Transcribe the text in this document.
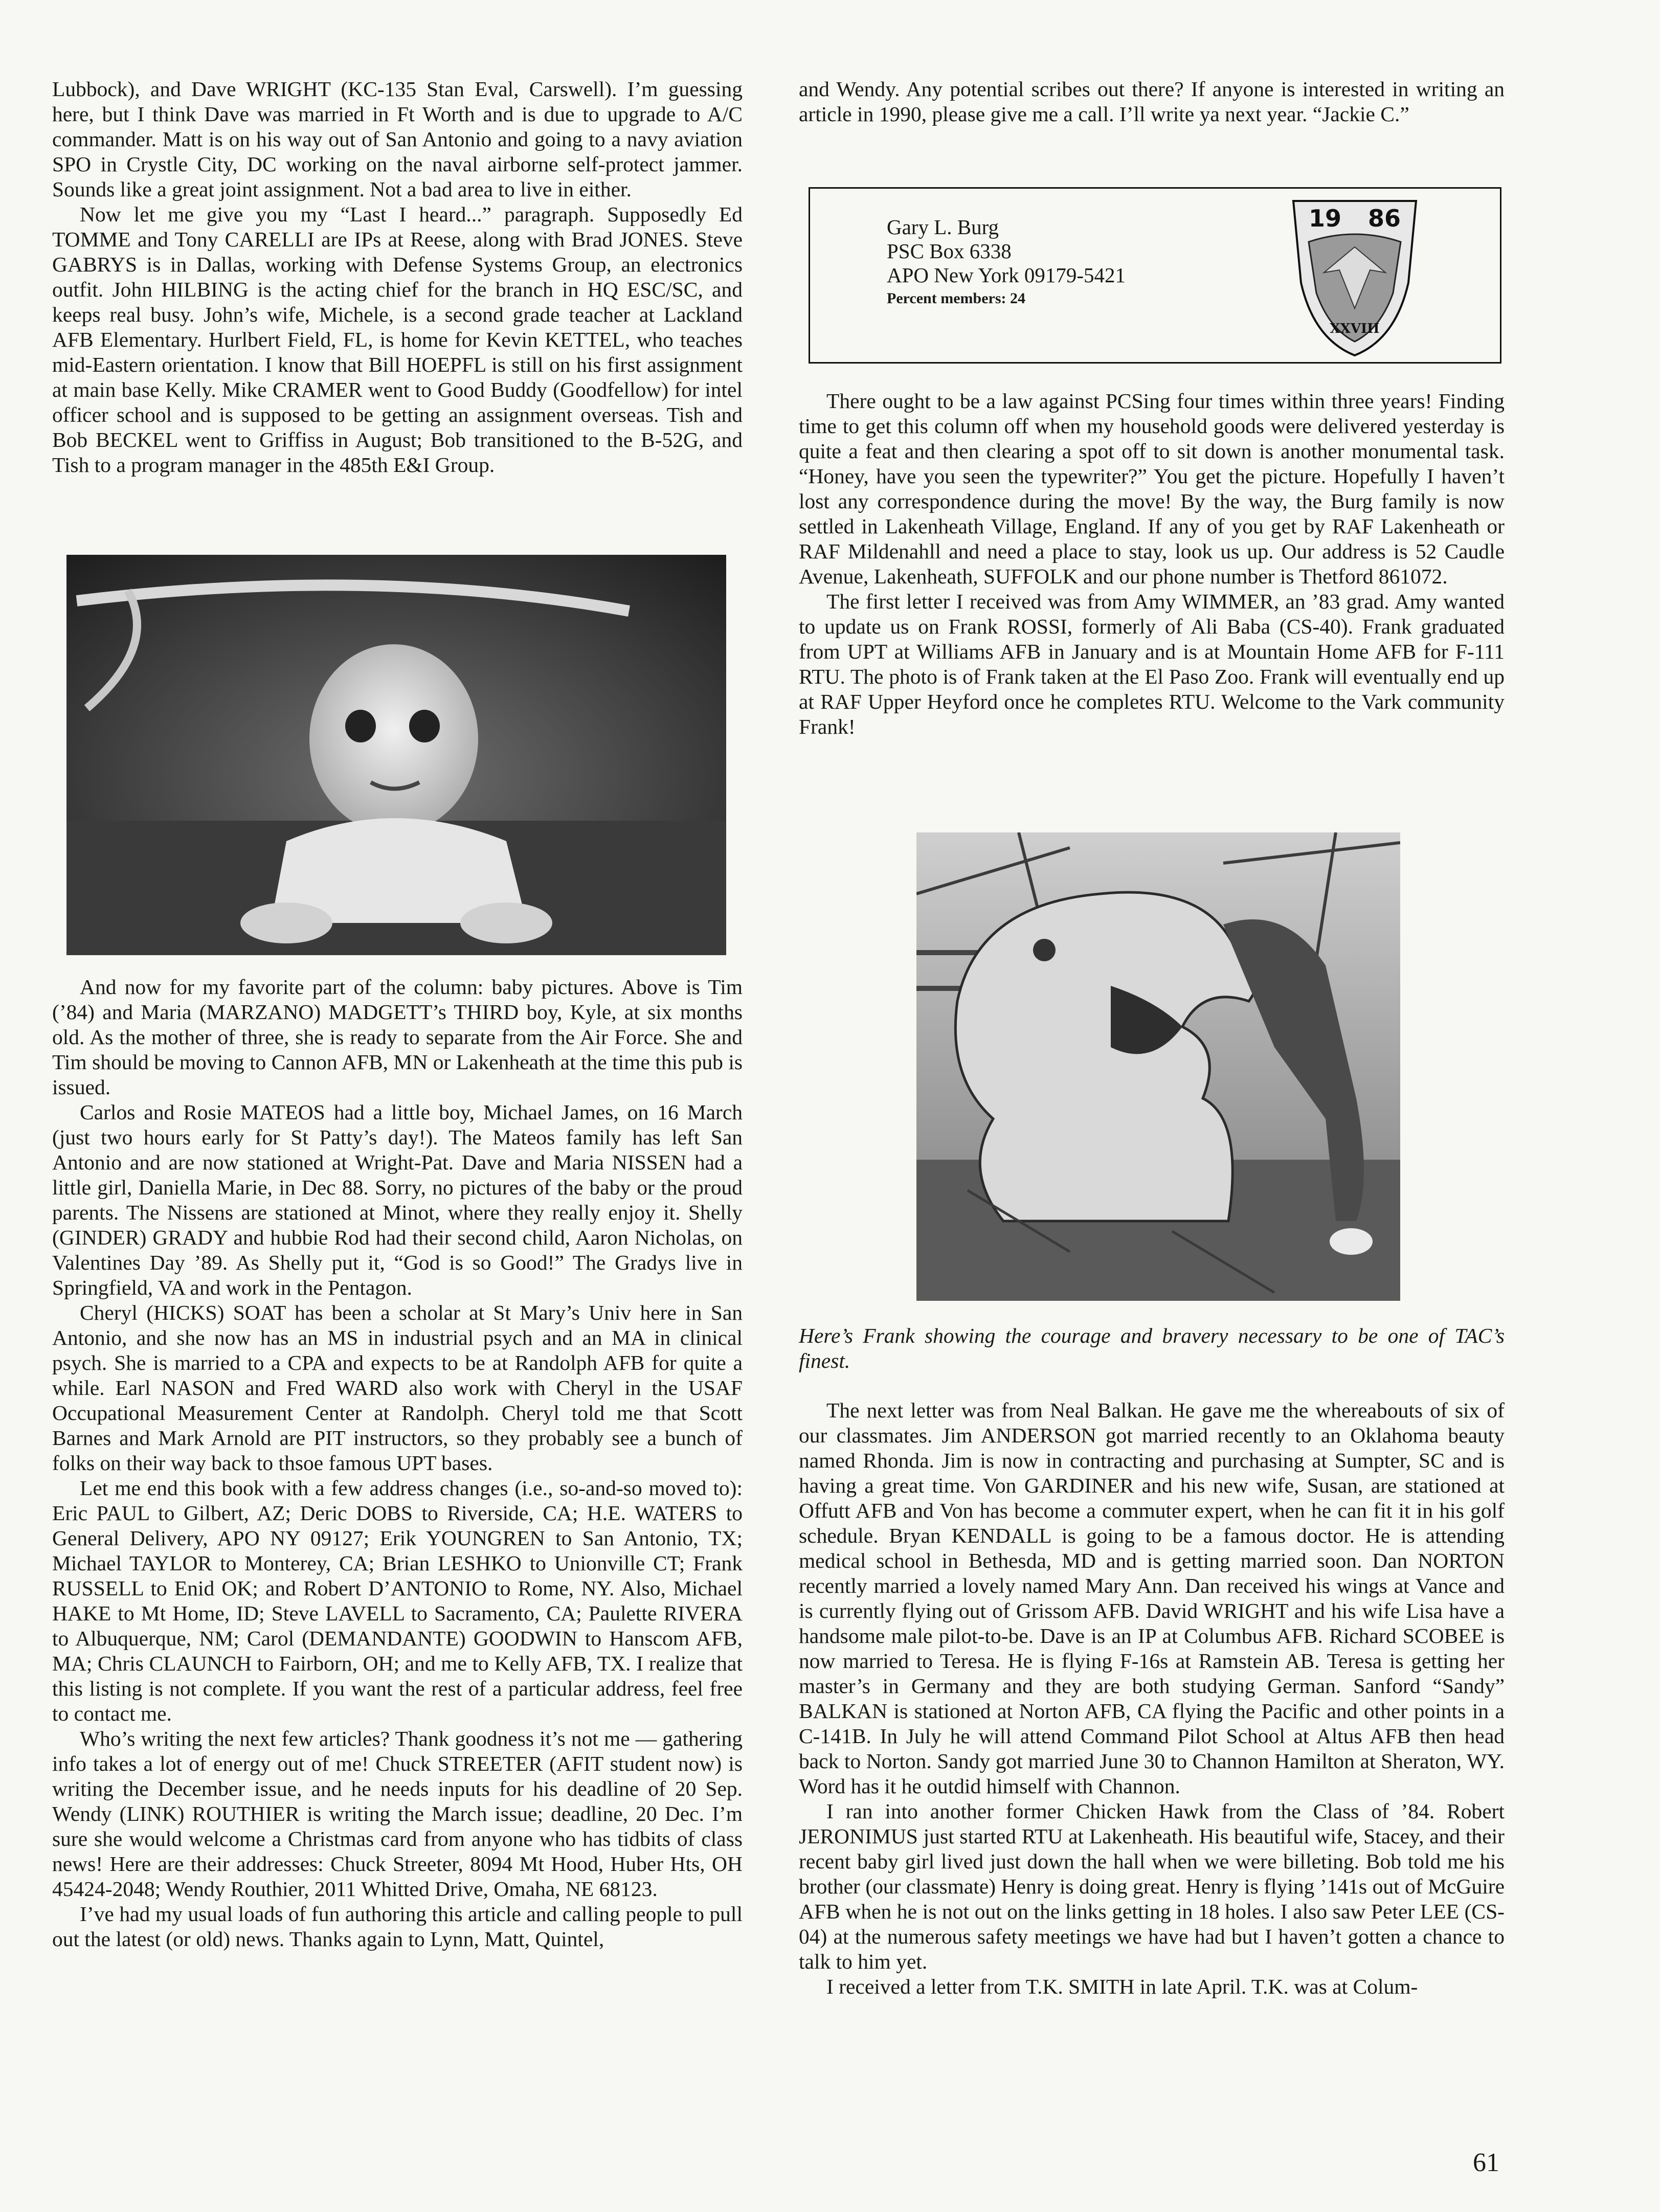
Lubbock), and Dave WRIGHT (KC-135 Stan Eval, Carswell). I’m guessing here, but I think Dave was married in Ft Worth and is due to upgrade to A/C commander. Matt is on his way out of San Antonio and going to a navy aviation SPO in Crystle City, DC working on the naval airborne self-protect jammer. Sounds like a great joint assignment. Not a bad area to live in either.

Now let me give you my “Last I heard...” paragraph. Supposedly Ed TOMME and Tony CARELLI are IPs at Reese, along with Brad JONES. Steve GABRYS is in Dallas, working with Defense Systems Group, an electronics outfit. John HILBING is the acting chief for the branch in HQ ESC/SC, and keeps real busy. John’s wife, Michele, is a second grade teacher at Lackland AFB Elementary. Hurlbert Field, FL, is home for Kevin KETTEL, who teaches mid-Eastern orientation. I know that Bill HOEPFL is still on his first assignment at main base Kelly. Mike CRAMER went to Good Buddy (Goodfellow) for intel officer school and is supposed to be getting an assignment overseas. Tish and Bob BECKEL went to Griffiss in August; Bob transitioned to the B-52G, and Tish to a program manager in the 485th E&I Group.

And now for my favorite part of the column: baby pictures. Above is Tim (’84) and Maria (MARZANO) MADGETT’s THIRD boy, Kyle, at six months old. As the mother of three, she is ready to separate from the Air Force. She and Tim should be moving to Cannon AFB, MN or Lakenheath at the time this pub is issued.

Carlos and Rosie MATEOS had a little boy, Michael James, on 16 March (just two hours early for St Patty’s day!). The Mateos family has left San Antonio and are now stationed at Wright-Pat. Dave and Maria NISSEN had a little girl, Daniella Marie, in Dec 88. Sorry, no pictures of the baby or the proud parents. The Nissens are stationed at Minot, where they really enjoy it. Shelly (GINDER) GRADY and hubbie Rod had their second child, Aaron Nicholas, on Valentines Day ’89. As Shelly put it, “God is so Good!” The Gradys live in Springfield, VA and work in the Pentagon.

Cheryl (HICKS) SOAT has been a scholar at St Mary’s Univ here in San Antonio, and she now has an MS in industrial psych and an MA in clinical psych. She is married to a CPA and expects to be at Randolph AFB for quite a while. Earl NASON and Fred WARD also work with Cheryl in the USAF Occupational Measurement Center at Randolph. Cheryl told me that Scott Barnes and Mark Arnold are PIT instructors, so they probably see a bunch of folks on their way back to thsoe famous UPT bases.

Let me end this book with a few address changes (i.e., so-and-so moved to): Eric PAUL to Gilbert, AZ; Deric DOBS to Riverside, CA; H.E. WATERS to General Delivery, APO NY 09127; Erik YOUNGREN to San Antonio, TX; Michael TAYLOR to Monterey, CA; Brian LESHKO to Unionville CT; Frank RUSSELL to Enid OK; and Robert D’ANTONIO to Rome, NY. Also, Michael HAKE to Mt Home, ID; Steve LAVELL to Sacramento, CA; Paulette RIVERA to Albuquerque, NM; Carol (DEMANDANTE) GOODWIN to Hanscom AFB, MA; Chris CLAUNCH to Fairborn, OH; and me to Kelly AFB, TX. I realize that this listing is not complete. If you want the rest of a particular address, feel free to contact me.

Who’s writing the next few articles? Thank goodness it’s not me — gathering info takes a lot of energy out of me! Chuck STREETER (AFIT student now) is writing the December issue, and he needs inputs for his deadline of 20 Sep. Wendy (LINK) ROUTHIER is writing the March issue; deadline, 20 Dec. I’m sure she would welcome a Christmas card from anyone who has tidbits of class news! Here are their addresses: Chuck Streeter, 8094 Mt Hood, Huber Hts, OH 45424-2048; Wendy Routhier, 2011 Whitted Drive, Omaha, NE 68123.

I’ve had my usual loads of fun authoring this article and calling people to pull out the latest (or old) news. Thanks again to Lynn, Matt, Quintel,

and Wendy. Any potential scribes out there? If anyone is interested in writing an article in 1990, please give me a call. I’ll write ya next year. “Jackie C.”

Gary L. Burg
PSC Box 6338
APO New York 09179-5421
Percent members: 24
19 86
XXVIII

There ought to be a law against PCSing four times within three years! Finding time to get this column off when my household goods were delivered yesterday is quite a feat and then clearing a spot off to sit down is another monumental task. “Honey, have you seen the typewriter?” You get the picture. Hopefully I haven’t lost any correspondence during the move! By the way, the Burg family is now settled in Lakenheath Village, England. If any of you get by RAF Lakenheath or RAF Mildenahll and need a place to stay, look us up. Our address is 52 Caudle Avenue, Lakenheath, SUFFOLK and our phone number is Thetford 861072.

The first letter I received was from Amy WIMMER, an ’83 grad. Amy wanted to update us on Frank ROSSI, formerly of Ali Baba (CS-40). Frank graduated from UPT at Williams AFB in January and is at Mountain Home AFB for F-111 RTU. The photo is of Frank taken at the El Paso Zoo. Frank will eventually end up at RAF Upper Heyford once he completes RTU. Welcome to the Vark community Frank!

Here’s Frank showing the courage and bravery necessary to be one of TAC’s finest.

The next letter was from Neal Balkan. He gave me the whereabouts of six of our classmates. Jim ANDERSON got married recently to an Oklahoma beauty named Rhonda. Jim is now in contracting and purchasing at Sumpter, SC and is having a great time. Von GARDINER and his new wife, Susan, are stationed at Offutt AFB and Von has become a commuter expert, when he can fit it in his golf schedule. Bryan KENDALL is going to be a famous doctor. He is attending medical school in Bethesda, MD and is getting married soon. Dan NORTON recently married a lovely named Mary Ann. Dan received his wings at Vance and is currently flying out of Grissom AFB. David WRIGHT and his wife Lisa have a handsome male pilot-to-be. Dave is an IP at Columbus AFB. Richard SCOBEE is now married to Teresa. He is flying F-16s at Ramstein AB. Teresa is getting her master’s in Germany and they are both studying German. Sanford “Sandy” BALKAN is stationed at Norton AFB, CA flying the Pacific and other points in a C-141B. In July he will attend Command Pilot School at Altus AFB then head back to Norton. Sandy got married June 30 to Channon Hamilton at Sheraton, WY. Word has it he outdid himself with Channon.

I ran into another former Chicken Hawk from the Class of ’84. Robert JERONIMUS just started RTU at Lakenheath. His beautiful wife, Stacey, and their recent baby girl lived just down the hall when we were billeting. Bob told me his brother (our classmate) Henry is doing great. Henry is flying ’141s out of McGuire AFB when he is not out on the links getting in 18 holes. I also saw Peter LEE (CS-04) at the numerous safety meetings we have had but I haven’t gotten a chance to talk to him yet.

I received a letter from T.K. SMITH in late April. T.K. was at Colum-

61
